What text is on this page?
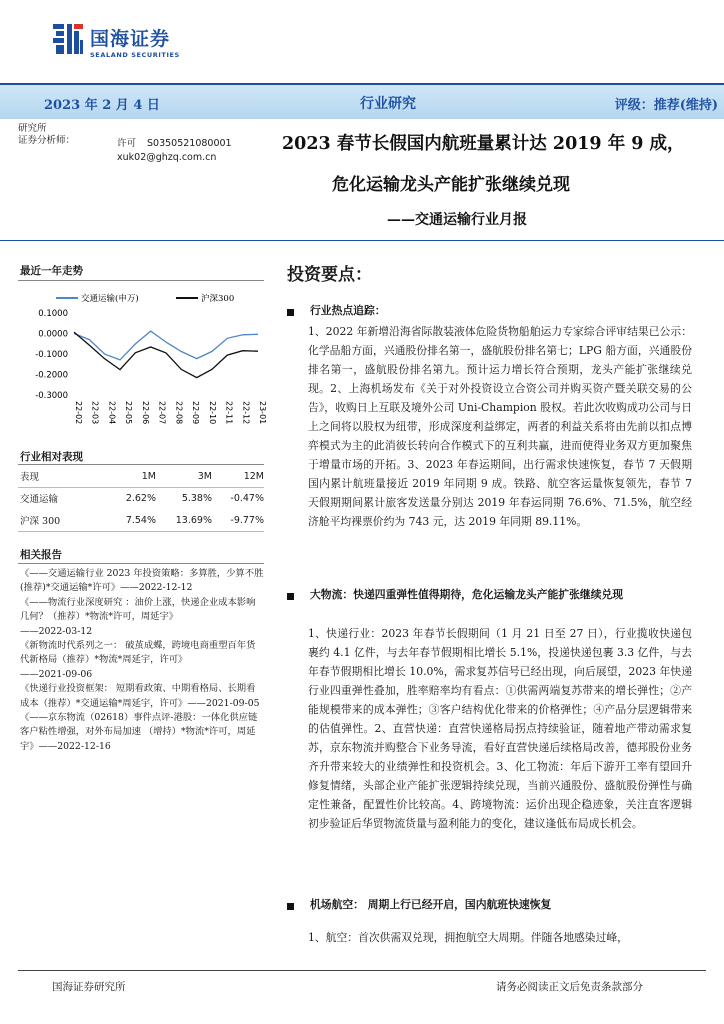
国海证券
SEALAND SECURITIES
2023 年 2 月 4 日	行业研究	评级：推荐(维持)
研究所
证券分析师：	许可 S0350521080001
xuk02@ghzq.com.cn
2023 春节长假国内航班量累计达 2019 年 9 成，
危化运输龙头产能扩张继续兑现
——交通运输行业月报
最近一年走势
交通运输(申万)	沪深300
0.1000
0.0000
-0.1000
-0.2000
-0.3000
22-02 22-03 22-04 22-05 22-06 22-07 22-08 22-09 22-10 22-11 22-12 23-01
行业相对表现
表现	1M	3M	12M
交通运输	2.62%	5.38%	-0.47%
沪深 300	7.54%	13.69%	-9.77%
相关报告

《——交通运输行业 2023 年投资策略：多算胜，少算不胜(推荐)*交通运输*许可》——2022-12-12

《——物流行业深度研究 ：油价上涨，快递企业成本影响几何？（推荐）*物流*许可，周延宇》

——2022-03-12

《新物流时代系列之一： 破茧成蝶，跨境电商重塑百年货代新格局（推荐）*物流*周延宇，许可》

——2021-09-06

《快递行业投资框架： 短期看政策、中期看格局、长期看成本（推荐）*交通运输*周延宇，许可》——2021-09-05

《——京东物流（02618）事件点评-港股：一体化供应链客户粘性增强，对外布局加速 （增持）*物流*许可，周延宇》——2022-12-16

投资要点：
行业热点追踪：
1、2022 年新增沿海省际散装液体危险货物船舶运力专家综合评审结果已公示：化学品船方面，兴通股份排名第一，盛航股份排名第七；LPG 船方面，兴通股份排名第一，盛航股份排名第九。预计运力增长符合预期，龙头产能扩张继续兑现。2、上海机场发布《关于对外投资设立合资公司并购买资产暨关联交易的公告》，收购日上互联及境外公司 Uni-Champion 股权。若此次收购成功公司与日上之间将以股权为纽带，形成深度利益绑定，两者的利益关系将由先前以扣点博弈模式为主的此消彼长转向合作模式下的互利共赢，进而使得业务双方更加聚焦于增量市场的开拓。3、2023 年春运期间，出行需求快速恢复，春节 7 天假期国内累计航班量接近 2019 年同期 9 成。铁路、航空客运量恢复领先，春节 7 天假期期间累计旅客发送量分别达 2019 年春运同期 76.6%、71.5%，航空经济舱平均裸票价约为 743 元，达 2019 年同期 89.11%。
大物流：快递四重弹性值得期待，危化运输龙头产能扩张继续兑现
1、快递行业：2023 年春节长假期间（1 月 21 日至 27 日），行业揽收快递包裹约 4.1 亿件，与去年春节假期相比增长 5.1%，投递快递包裹 3.3 亿件，与去年春节假期相比增长 10.0%，需求复苏信号已经出现，向后展望，2023 年快递行业四重弹性叠加，胜率赔率均有看点：①供需两端复苏带来的增长弹性；②产能规模带来的成本弹性；③客户结构优化带来的价格弹性；④产品分层逻辑带来的估值弹性。2、直营快递：直营快递格局拐点持续验证，随着地产带动需求复苏，京东物流并购整合下业务导流，看好直营快递后续格局改善，德邦股份业务齐升带来较大的业绩弹性和投资机会。3、化工物流：年后下游开工率有望回升修复情绪，头部企业产能扩张逻辑持续兑现，当前兴通股份、盛航股份弹性与确定性兼备，配置性价比较高。4、跨境物流：运价出现企稳迹象，关注直客逻辑初步验证后华贸物流货量与盈利能力的变化，建议逢低布局成长机会。
机场航空： 周期上行已经开启，国内航班快速恢复
1、航空：首次供需双兑现，拥抱航空大周期。伴随各地感染过峰，
国海证券研究所	请务必阅读正文后免责条款部分
